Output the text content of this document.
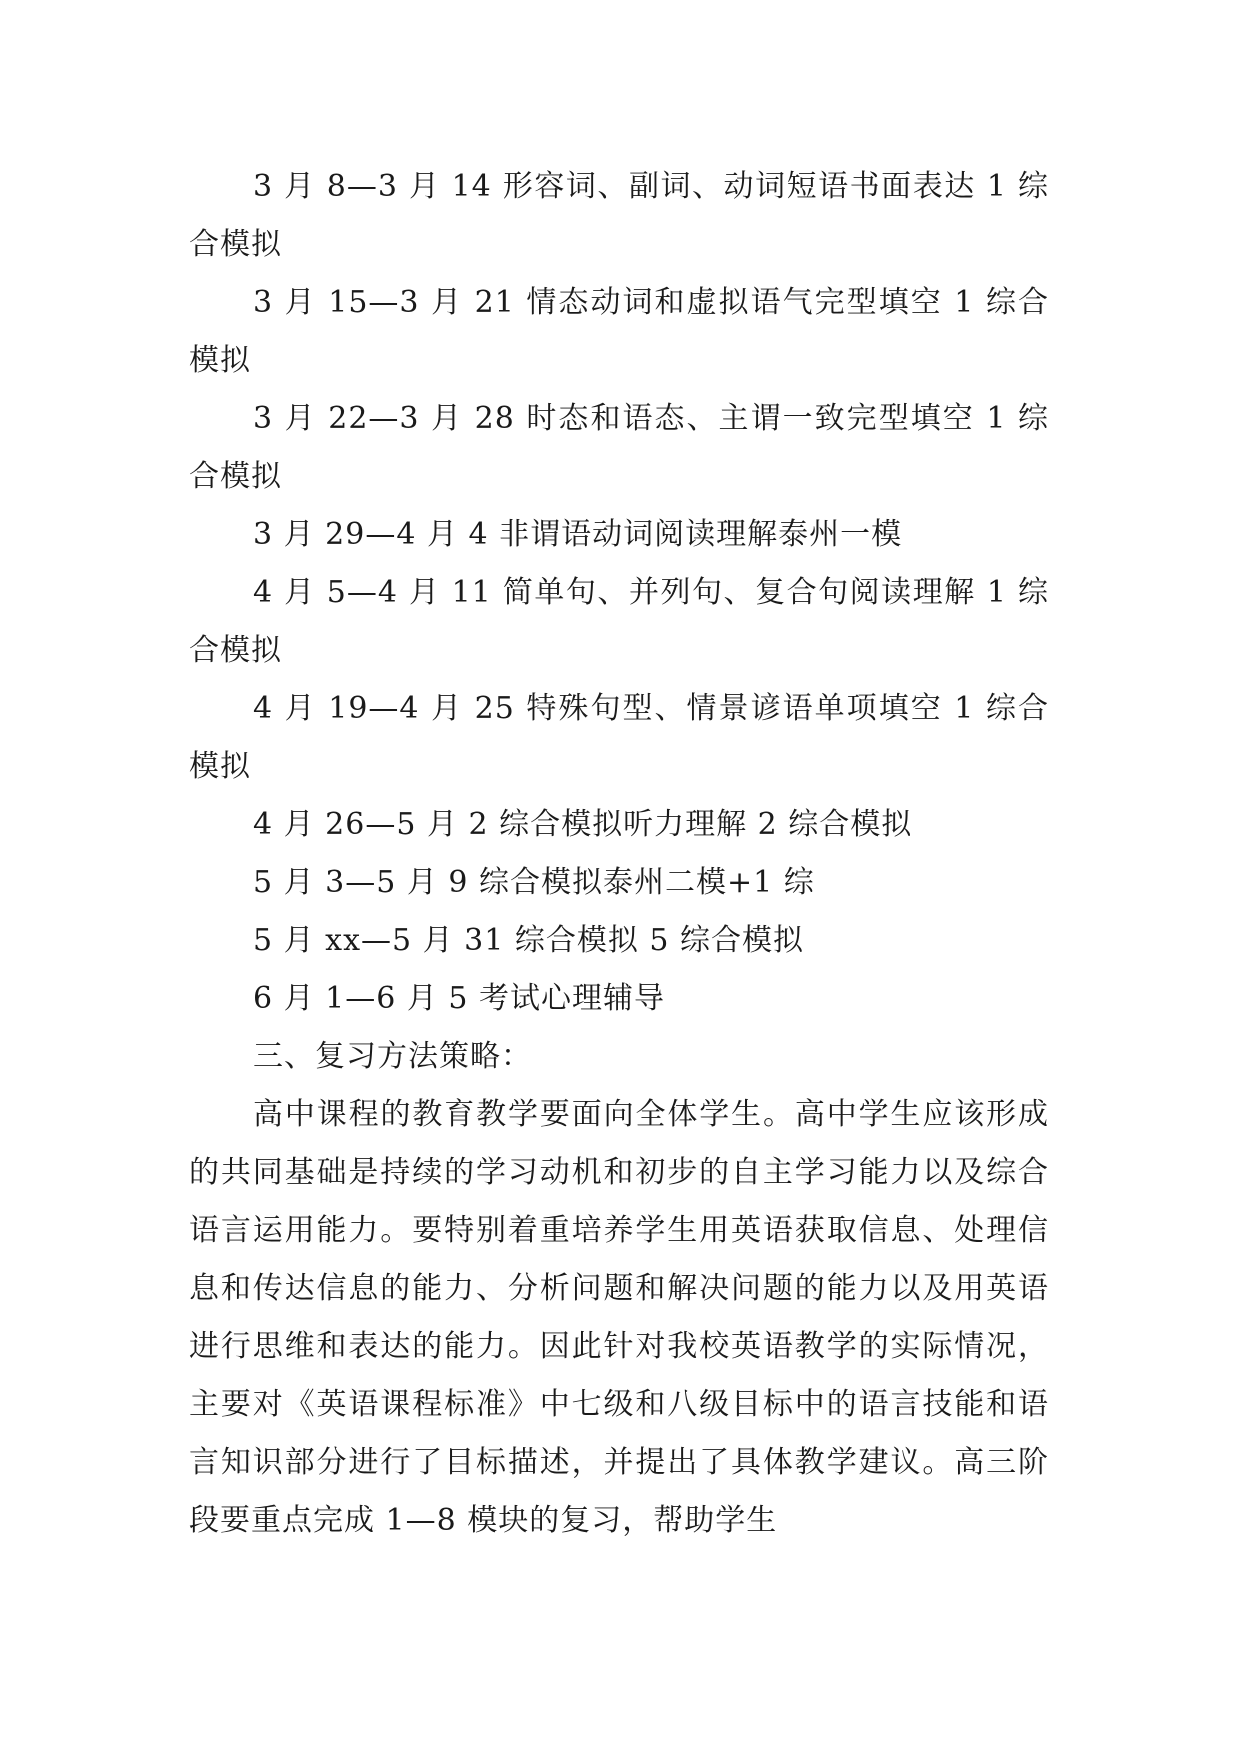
3 月 8—3 月 14 形容词、副词、动词短语书面表达 1 综合模拟

3 月 15—3 月 21 情态动词和虚拟语气完型填空 1 综合模拟

3 月 22—3 月 28 时态和语态、主谓一致完型填空 1 综合模拟

3 月 29—4 月 4 非谓语动词阅读理解泰州一模

4 月 5—4 月 11 简单句、并列句、复合句阅读理解 1 综合模拟

4 月 19—4 月 25 特殊句型、情景谚语单项填空 1 综合模拟

4 月 26—5 月 2 综合模拟听力理解 2 综合模拟

5 月 3—5 月 9 综合模拟泰州二模+1 综

5 月 xx—5 月 31 综合模拟 5 综合模拟

6 月 1—6 月 5 考试心理辅导

三、复习方法策略：

高中课程的教育教学要面向全体学生。高中学生应该形成的共同基础是持续的学习动机和初步的自主学习能力以及综合语言运用能力。要特别着重培养学生用英语获取信息、处理信息和传达信息的能力、分析问题和解决问题的能力以及用英语进行思维和表达的能力。因此针对我校英语教学的实际情况，主要对《英语课程标准》中七级和八级目标中的语言技能和语言知识部分进行了目标描述，并提出了具体教学建议。高三阶段要重点完成 1—8 模块的复习，帮助学生
